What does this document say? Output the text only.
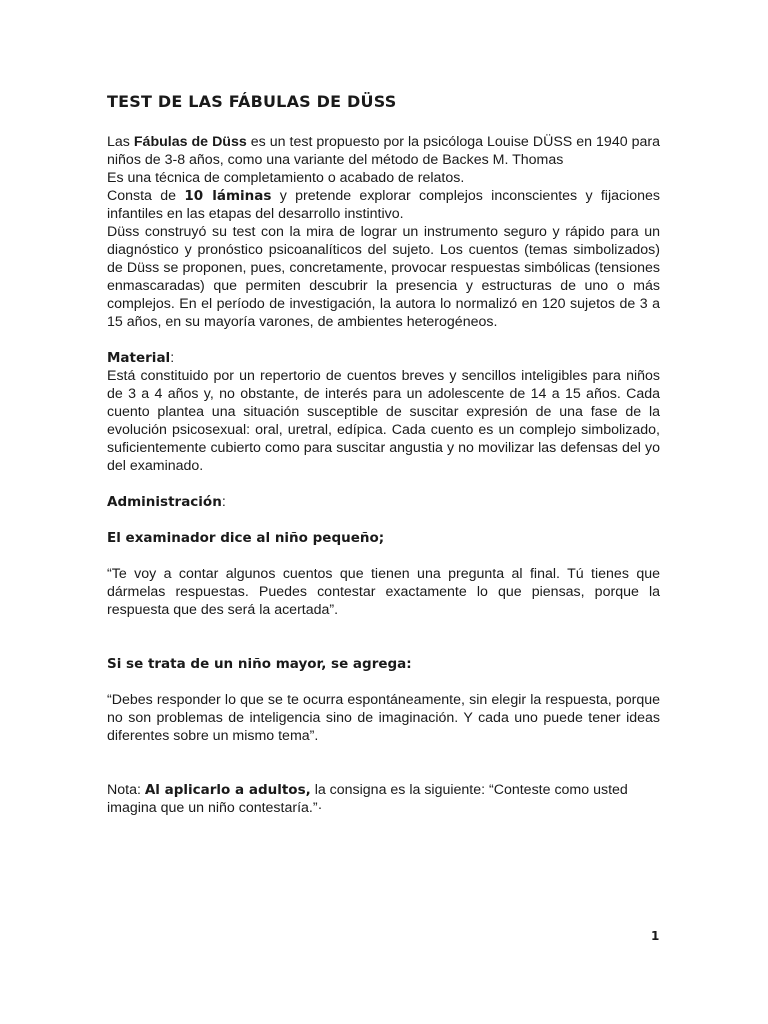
TEST DE LAS FÁBULAS DE DÜSS

Las Fábulas de Düss es un test propuesto por la psicóloga Louise DÜSS en 1940 para niños de 3-8 años, como una variante del método de Backes M. Thomas

Es una técnica de completamiento o acabado de relatos.

Consta de 10 láminas y pretende explorar complejos inconscientes y fijaciones infantiles en las etapas del desarrollo instintivo.

Düss construyó su test con la mira de lograr un instrumento seguro y rápido para un diagnóstico y pronóstico psicoanalíticos del sujeto. Los cuentos (temas simbolizados) de Düss se proponen, pues, concretamente, provocar respuestas simbólicas (tensiones enmascaradas) que permiten descubrir la presencia y estructuras de uno o más complejos. En el período de investigación, la autora lo normalizó en 120 sujetos de 3 a 15 años, en su mayoría varones, de ambientes heterogéneos.

Material:

Está constituido por un repertorio de cuentos breves y sencillos inteligibles para niños de 3 a 4 años y, no obstante, de interés para un adolescente de 14 a 15 años. Cada cuento plantea una situación susceptible de suscitar expresión de una fase de la evolución psicosexual: oral, uretral, edípica. Cada cuento es un complejo simbolizado, suficientemente cubierto como para suscitar angustia y no movilizar las defensas del yo del examinado.

Administración:

El examinador dice al niño pequeño;

“Te voy a contar algunos cuentos que tienen una pregunta al final. Tú tienes que dármelas respuestas. Puedes contestar exactamente lo que piensas, porque la respuesta que des será la acertada”.

Si se trata de un niño mayor, se agrega:

“Debes responder lo que se te ocurra espontáneamente, sin elegir la respuesta, porque no son problemas de inteligencia sino de imaginación. Y cada uno puede tener ideas diferentes sobre un mismo tema”.

Nota: Al aplicarlo a adultos, la consigna es la siguiente: “Conteste como usted

imagina que un niño contestaría.”·

1
